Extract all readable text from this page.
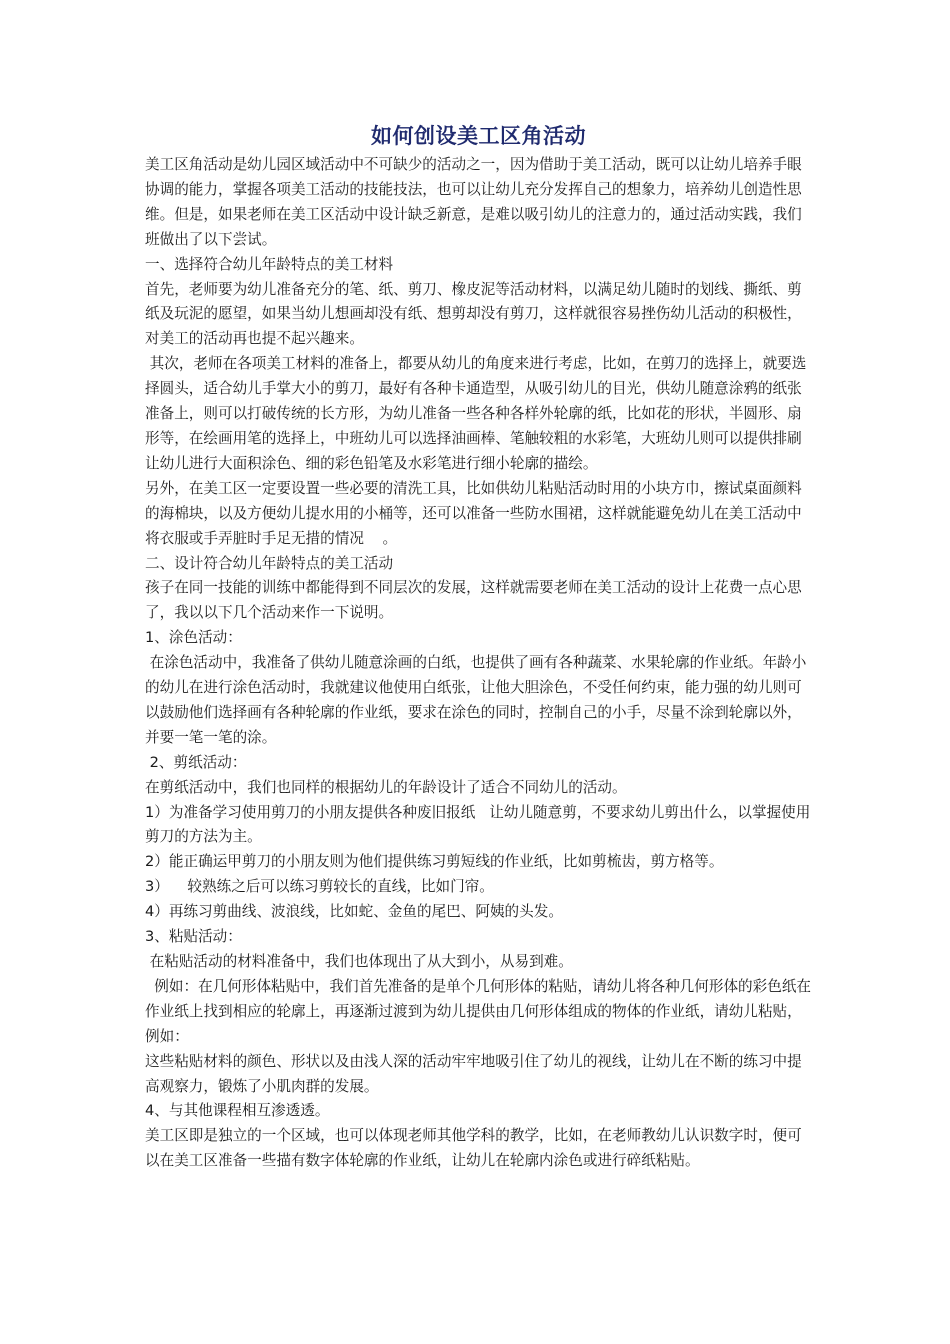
如何创设美工区角活动

美工区角活动是幼儿园区域活动中不可缺少的活动之一，因为借助于美工活动，既可以让幼儿培养手眼协调的能力，掌握各项美工活动的技能技法，也可以让幼儿充分发挥自己的想象力，培养幼儿创造性思维。但是，如果老师在美工区活动中设计缺乏新意，是难以吸引幼儿的注意力的，通过活动实践，我们班做出了以下尝试。

一、选择符合幼儿年龄特点的美工材料

首先，老师要为幼儿准备充分的笔、纸、剪刀、橡皮泥等活动材料，以满足幼儿随时的划线、撕纸、剪纸及玩泥的愿望，如果当幼儿想画却没有纸、想剪却没有剪刀，这样就很容易挫伤幼儿活动的积极性，对美工的活动再也提不起兴趣来。

其次，老师在各项美工材料的准备上，都要从幼儿的角度来进行考虑，比如，在剪刀的选择上，就要选择圆头，适合幼儿手掌大小的剪刀，最好有各种卡通造型，从吸引幼儿的目光，供幼儿随意涂鸦的纸张准备上，则可以打破传统的长方形，为幼儿准备一些各种各样外轮廓的纸，比如花的形状，半圆形、扇形等，在绘画用笔的选择上，中班幼儿可以选择油画棒、笔触较粗的水彩笔，大班幼儿则可以提供排刷让幼儿进行大面积涂色、细的彩色铅笔及水彩笔进行细小轮廓的描绘。

另外，在美工区一定要设置一些必要的清洗工具，比如供幼儿粘贴活动时用的小块方巾，擦试桌面颜料的海棉块，以及方便幼儿提水用的小桶等，还可以准备一些防水围裙，这样就能避免幼儿在美工活动中将衣服或手弄脏时手足无措的情况    。

二、设计符合幼儿年龄特点的美工活动

孩子在同一技能的训练中都能得到不同层次的发展，这样就需要老师在美工活动的设计上花费一点心思了，我以以下几个活动来作一下说明。

1、涂色活动：

在涂色活动中，我准备了供幼儿随意涂画的白纸，也提供了画有各种蔬菜、水果轮廓的作业纸。年龄小的幼儿在进行涂色活动时，我就建议他使用白纸张，让他大胆涂色，不受任何约束，能力强的幼儿则可以鼓励他们选择画有各种轮廓的作业纸，要求在涂色的同时，控制自己的小手，尽量不涂到轮廓以外，并要一笔一笔的涂。

2、剪纸活动：

在剪纸活动中，我们也同样的根据幼儿的年龄设计了适合不同幼儿的活动。

1）为准备学习使用剪刀的小朋友提供各种废旧报纸   让幼儿随意剪，不要求幼儿剪出什么，以掌握使用剪刀的方法为主。

2）能正确运甲剪刀的小朋友则为他们提供练习剪短线的作业纸，比如剪梳齿，剪方格等。

3）    较熟练之后可以练习剪较长的直线，比如门帘。

4）再练习剪曲线、波浪线，比如蛇、金鱼的尾巴、阿姨的头发。

3、粘贴活动：

在粘贴活动的材料准备中，我们也体现出了从大到小，从易到难。

例如：在几何形体粘贴中，我们首先准备的是单个几何形体的粘贴，请幼儿将各种几何形体的彩色纸在作业纸上找到相应的轮廓上，再逐渐过渡到为幼儿提供由几何形体组成的物体的作业纸，请幼儿粘贴，例如：

这些粘贴材料的颜色、形状以及由浅人深的活动牢牢地吸引住了幼儿的视线，让幼儿在不断的练习中提高观察力，锻炼了小肌肉群的发展。

4、与其他课程相互渗透透。

美工区即是独立的一个区域，也可以体现老师其他学科的教学，比如，在老师教幼儿认识数字时，便可以在美工区准备一些描有数字体轮廓的作业纸，让幼儿在轮廓内涂色或进行碎纸粘贴。
